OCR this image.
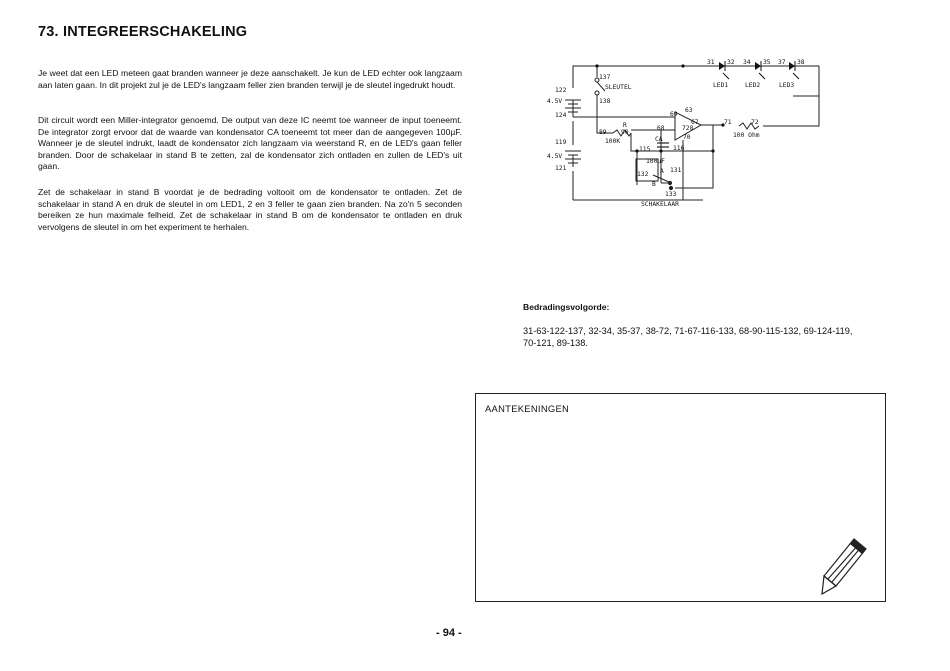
73. INTEGREERSCHAKELING
Je weet dat een LED meteen gaat branden wanneer je deze aanschakelt. Je kun de LED echter ook langzaam aan laten gaan. In dit projekt zul je de LED's langzaam feller zien branden terwijl je de sleutel ingedrukt houdt.
Dit circuit wordt een Miller-integrator genoemd. De output van deze IC neemt toe wanneer de input toeneemt. De integrator zorgt ervoor dat de waarde van kondensator CA toeneemt tot meer dan de aangegeven 100µF. Wanneer je de sleutel indrukt, laadt de kondensator zich langzaam via weerstand R, en de LED's gaan feller branden. Door de schakelaar in stand B te zetten, zal de kondensator zich ontladen en zullen de LED's uit gaan.
Zet de schakelaar in stand B voordat je de bedrading voltooit om de kondensator te ontladen. Zet de schakelaar in stand A en druk de sleutel in om LED1, 2 en 3 feller te gaan zien branden. Na zo'n 5 seconden bereiken ze hun maximale felheid. Zet de schakelaar in stand B om de kondensator te ontladen en druk vervolgens de sleutel in om het experiment te herhalen.
31 32 34 35 37 38
LED1	LED2	LED3
137
SLEUTEL
138
122
4.5V
124
119
4.5V
121
69
63
728
68
67
70
R
89 90
100K	CA
115	116
100uF
A 131
132
B
133
71	72
100 Ohm
SCHAKELAAR
Bedradingsvolgorde:
31-63-122-137, 32-34, 35-37, 38-72, 71-67-116-133, 68-90-115-132, 69-124-119, 70-121, 89-138.
AANTEKENINGEN
- 94 -
